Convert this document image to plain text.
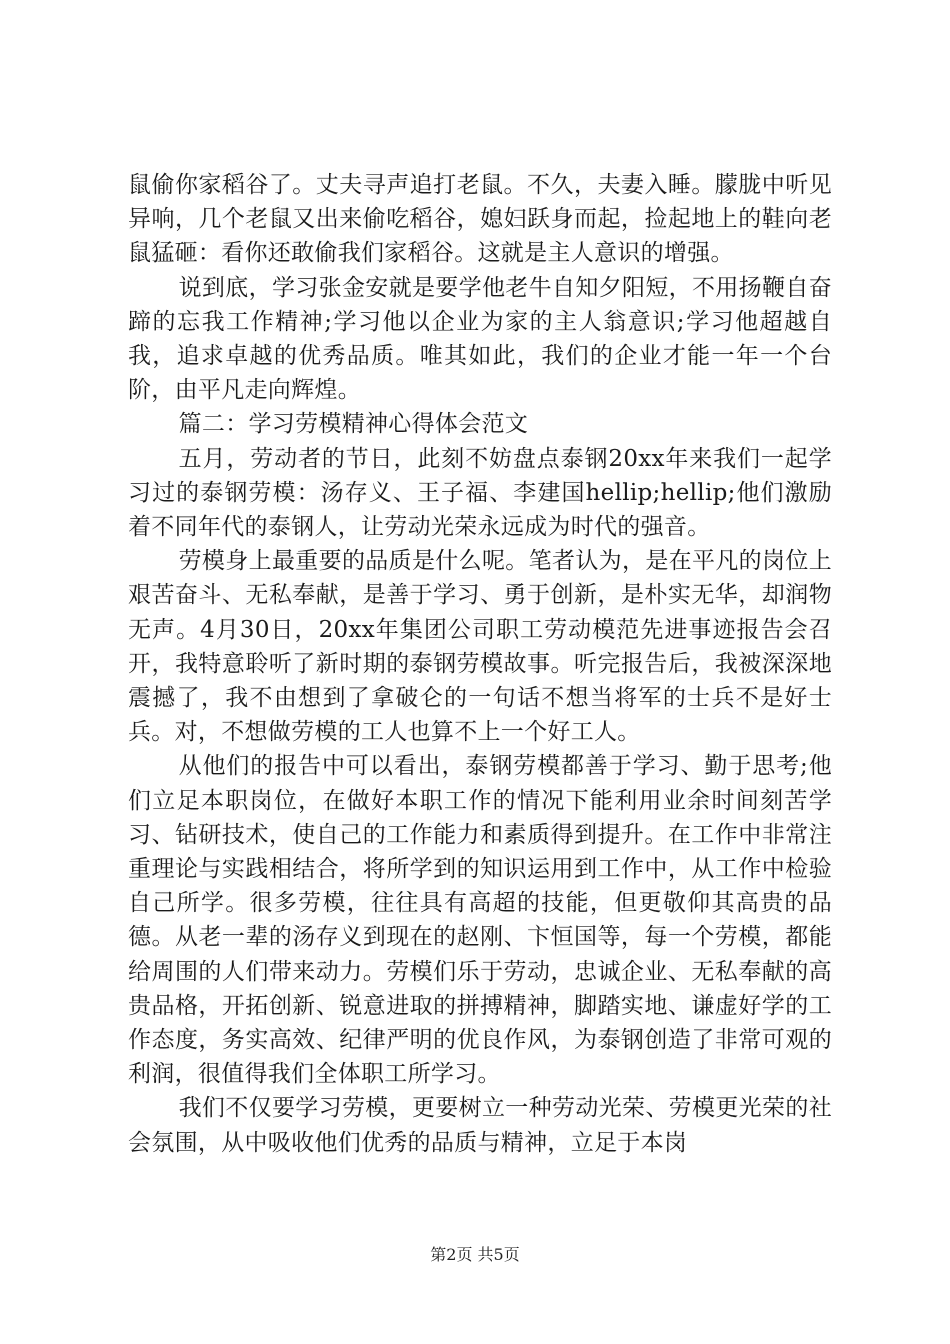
鼠偷你家稻谷了。丈夫寻声追打老鼠。不久，夫妻入睡。朦胧中听见异响，几个老鼠又出来偷吃稻谷，媳妇跃身而起，捡起地上的鞋向老鼠猛砸：看你还敢偷我们家稻谷。这就是主人意识的增强。

说到底，学习张金安就是要学他老牛自知夕阳短，不用扬鞭自奋蹄的忘我工作精神;学习他以企业为家的主人翁意识;学习他超越自我，追求卓越的优秀品质。唯其如此，我们的企业才能一年一个台阶，由平凡走向辉煌。

篇二：学习劳模精神心得体会范文

五月，劳动者的节日，此刻不妨盘点泰钢20xx年来我们一起学习过的泰钢劳模：汤存义、王子福、李建国hellip;hellip;他们激励着不同年代的泰钢人，让劳动光荣永远成为时代的强音。

劳模身上最重要的品质是什么呢。笔者认为，是在平凡的岗位上艰苦奋斗、无私奉献，是善于学习、勇于创新，是朴实无华，却润物无声。4月30日，20xx年集团公司职工劳动模范先进事迹报告会召开，我特意聆听了新时期的泰钢劳模故事。听完报告后，我被深深地震撼了，我不由想到了拿破仑的一句话不想当将军的士兵不是好士兵。对，不想做劳模的工人也算不上一个好工人。

从他们的报告中可以看出，泰钢劳模都善于学习、勤于思考;他们立足本职岗位，在做好本职工作的情况下能利用业余时间刻苦学习、钻研技术，使自己的工作能力和素质得到提升。在工作中非常注重理论与实践相结合，将所学到的知识运用到工作中，从工作中检验自己所学。很多劳模，往往具有高超的技能，但更敬仰其高贵的品德。从老一辈的汤存义到现在的赵刚、卞恒国等，每一个劳模，都能给周围的人们带来动力。劳模们乐于劳动，忠诚企业、无私奉献的高贵品格，开拓创新、锐意进取的拼搏精神，脚踏实地、谦虚好学的工作态度，务实高效、纪律严明的优良作风，为泰钢创造了非常可观的利润，很值得我们全体职工所学习。

我们不仅要学习劳模，更要树立一种劳动光荣、劳模更光荣的社会氛围，从中吸收他们优秀的品质与精神，立足于本岗

第2页 共5页
